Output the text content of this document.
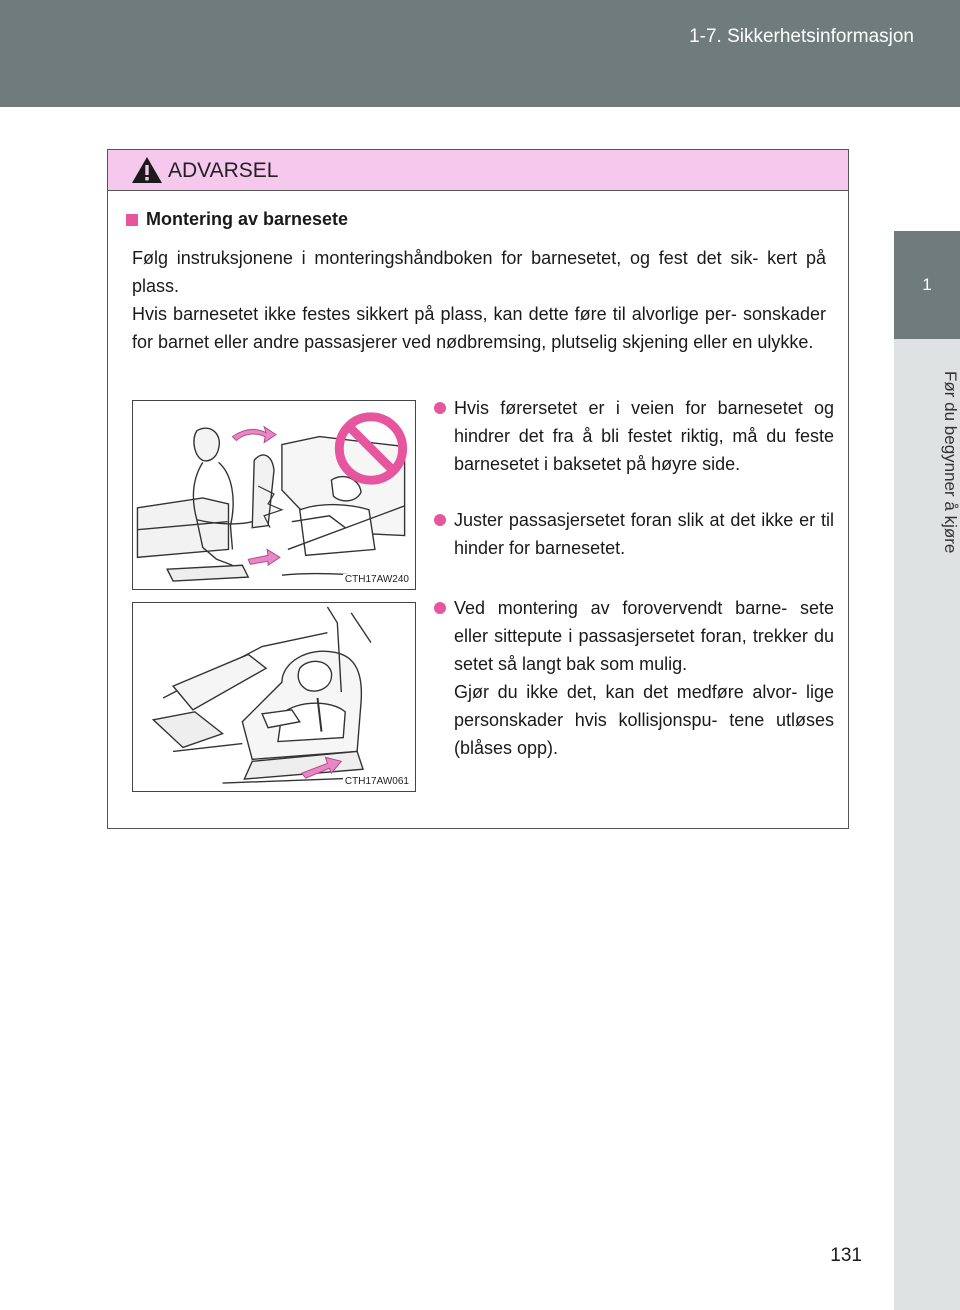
1-7. Sikkerhetsinformasjon
1
Før du begynner å kjøre
ADVARSEL
Montering av barnesete
Følg instruksjonene i monteringshåndboken for barnesetet, og fest det sik- kert på plass.
Hvis barnesetet ikke festes sikkert på plass, kan dette føre til alvorlige per- sonskader for barnet eller andre passasjerer ved nødbremsing, plutselig skjening eller en ulykke.
CTH17AW240
CTH17AW061
Hvis førersetet er i veien for barnesetet og hindrer det fra å bli festet riktig, må du feste barnesetet i baksetet på høyre side.
Juster passasjersetet foran slik at det ikke er til hinder for barnesetet.
Ved montering av forovervendt barne- sete eller sittepute i passasjersetet foran, trekker du setet så langt bak som mulig.
Gjør du ikke det, kan det medføre alvor- lige personskader hvis kollisjonspu- tene utløses (blåses opp).
131
